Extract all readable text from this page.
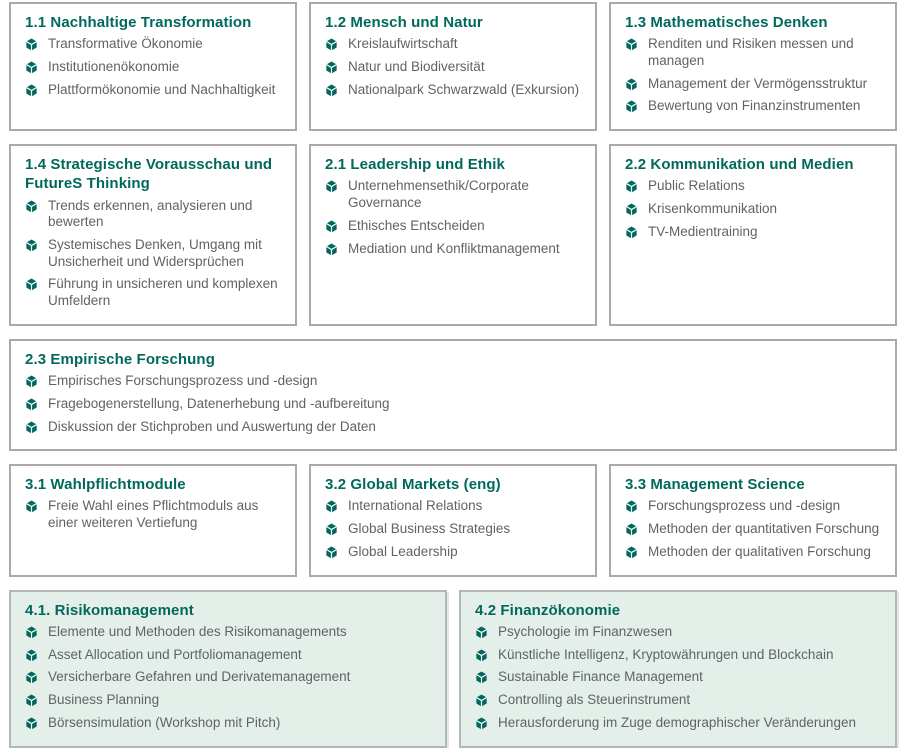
1.1 Nachhaltige Transformation
Transformative Ökonomie
Institutionenökonomie
Plattformökonomie und Nachhaltigkeit
1.2 Mensch und Natur
Kreislaufwirtschaft
Natur und Biodiversität
Nationalpark Schwarzwald (Exkursion)
1.3 Mathematisches Denken
Renditen und Risiken messen und managen
Management der Vermögensstruktur
Bewertung von Finanzinstrumenten
1.4 Strategische Vorausschau und FutureS Thinking
Trends erkennen, analysieren und bewerten
Systemisches Denken, Umgang mit Unsicherheit und Widersprüchen
Führung in unsicheren und komplexen Umfeldern
2.1 Leadership und Ethik
Unternehmensethik/Corporate Governance
Ethisches Entscheiden
Mediation und Konfliktmanagement
2.2 Kommunikation und Medien
Public Relations
Krisenkommunikation
TV-Medientraining
2.3 Empirische Forschung
Empirisches Forschungsprozess und -design
Fragebogenerstellung, Datenerhebung und -aufbereitung
Diskussion der Stichproben und Auswertung der Daten
3.1 Wahlpflichtmodule
Freie Wahl eines Pflichtmoduls aus einer weiteren Vertiefung
3.2 Global Markets (eng)
International Relations
Global Business Strategies
Global Leadership
3.3 Management Science
Forschungsprozess und -design
Methoden der quantitativen Forschung
Methoden der qualitativen Forschung
4.1. Risikomanagement
Elemente und Methoden des Risikomanagements
Asset Allocation und Portfoliomanagement
Versicherbare Gefahren und Derivatemanagement
Business Planning
Börsensimulation (Workshop mit Pitch)
4.2 Finanzökonomie
Psychologie im Finanzwesen
Künstliche Intelligenz, Kryptowährungen und Blockchain
Sustainable Finance Management
Controlling als Steuerinstrument
Herausforderung im Zuge demographischer Veränderungen
